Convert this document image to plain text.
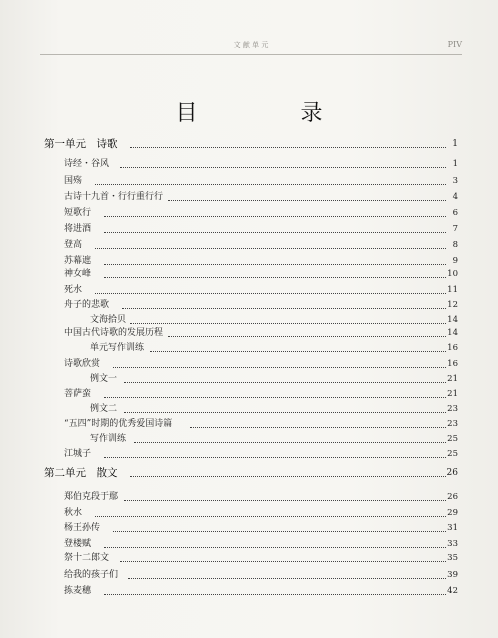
文 献 单 元	PIV
目 录
第一单元　诗歌	1
诗经・谷风	1
国殇	3
古诗十九首・行行重行行	4
短歌行	6
将进酒	7
登高	8
苏幕遮	9
神女峰	10
死水	11
舟子的悲歌	12
文海拾贝	14
中国古代诗歌的发展历程	14
单元写作训练	16
诗歌欣赏	16
例文一	21
菩萨蛮	21
例文二	23
“五四”时期的优秀爱国诗篇	23
写作训练	25
江城子	25
第二单元　散文	26
郑伯克段于鄢	26
秋水	29
杨王孙传	31
登楼赋	33
祭十二郎文	35
给我的孩子们	39
拣麦穗	42
